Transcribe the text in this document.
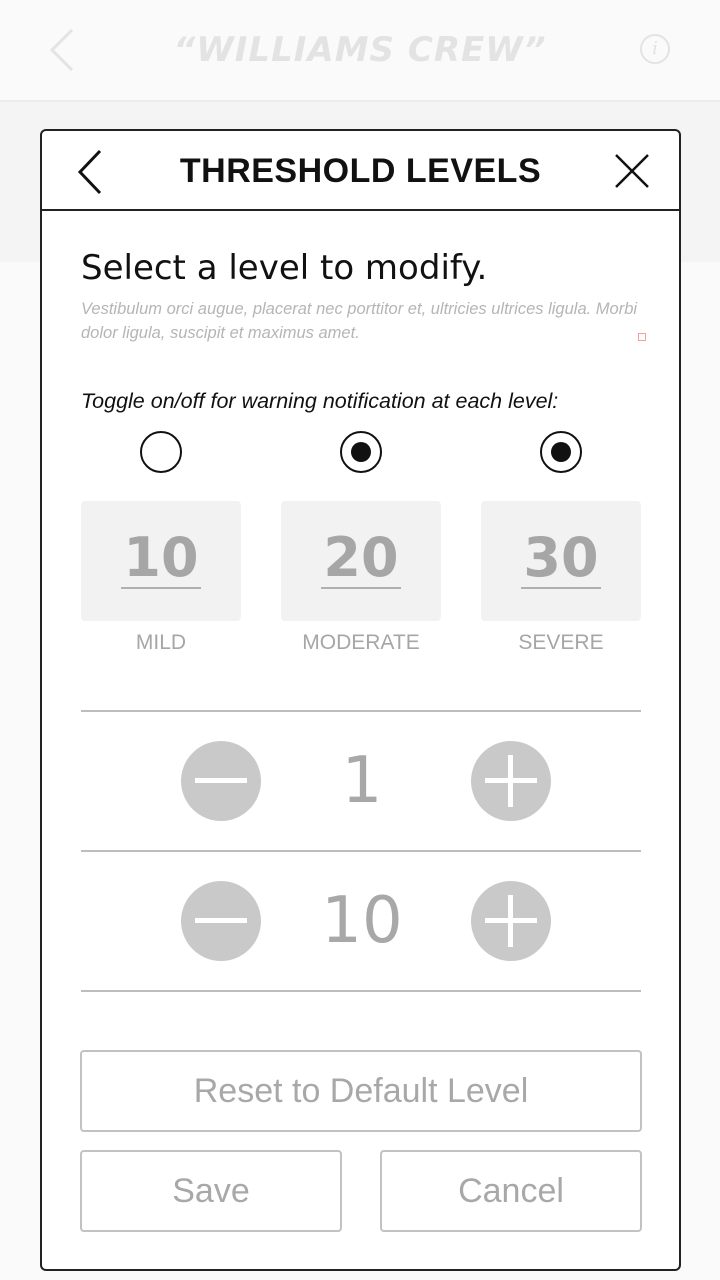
“WILLIAMS CREW”	i
THRESHOLD LEVELS
Select a level to modify.
Vestibulum orci augue, placerat nec porttitor et, ultricies ultrices ligula. Morbi dolor ligula, suscipit et maximus amet.
Toggle on/off for warning notification at each level:
10 20 30
MILD	MODERATE	SEVERE
1
10
Reset to Default Level
Save	Cancel
